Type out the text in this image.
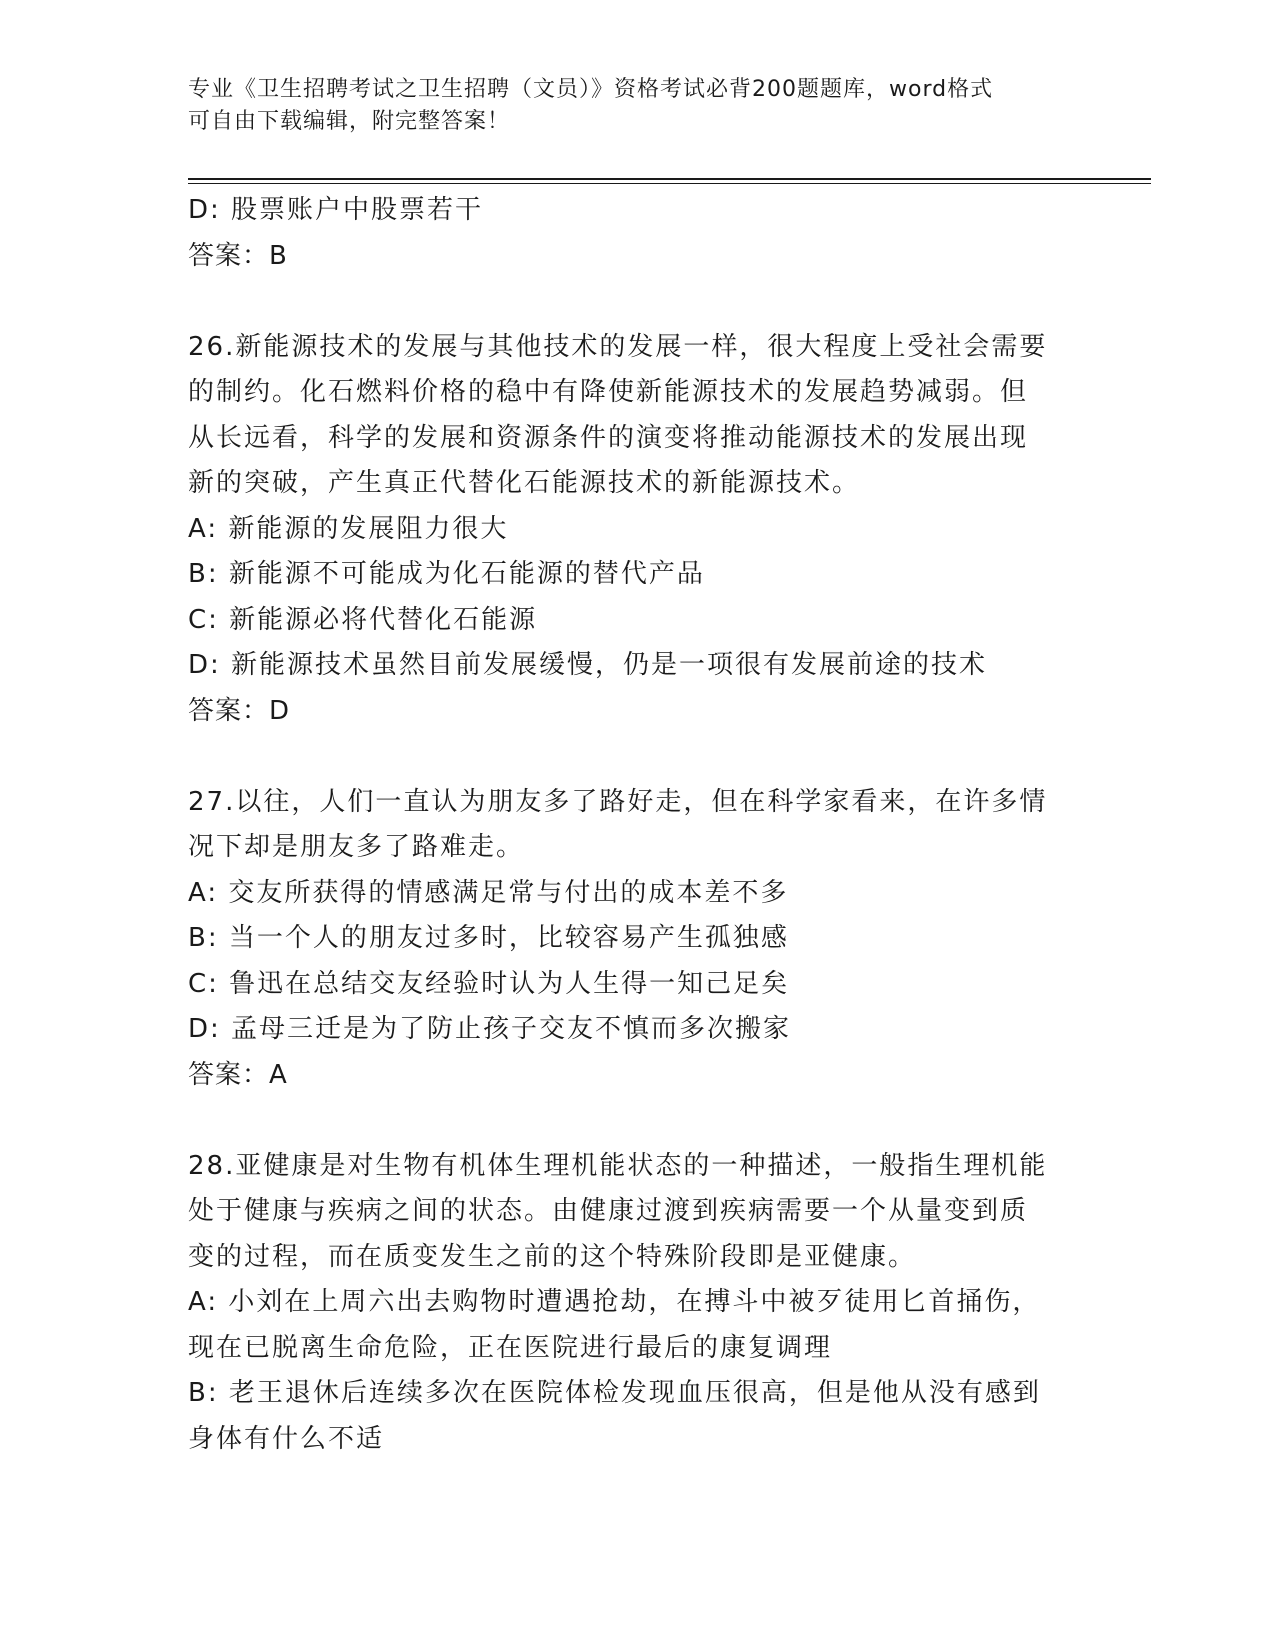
专业《卫生招聘考试之卫生招聘（文员）》资格考试必背200题题库，word格式
可自由下载编辑，附完整答案！
D: 股票账户中股票若干
答案：B
26.新能源技术的发展与其他技术的发展一样，很大程度上受社会需要
的制约。化石燃料价格的稳中有降使新能源技术的发展趋势减弱。但
从长远看，科学的发展和资源条件的演变将推动能源技术的发展出现
新的突破，产生真正代替化石能源技术的新能源技术。
A: 新能源的发展阻力很大
B: 新能源不可能成为化石能源的替代产品
C: 新能源必将代替化石能源
D: 新能源技术虽然目前发展缓慢，仍是一项很有发展前途的技术
答案：D
27.以往，人们一直认为朋友多了路好走，但在科学家看来，在许多情
况下却是朋友多了路难走。
A: 交友所获得的情感满足常与付出的成本差不多
B: 当一个人的朋友过多时，比较容易产生孤独感
C: 鲁迅在总结交友经验时认为人生得一知己足矣
D: 孟母三迁是为了防止孩子交友不慎而多次搬家
答案：A
28.亚健康是对生物有机体生理机能状态的一种描述，一般指生理机能
处于健康与疾病之间的状态。由健康过渡到疾病需要一个从量变到质
变的过程，而在质变发生之前的这个特殊阶段即是亚健康。
A: 小刘在上周六出去购物时遭遇抢劫，在搏斗中被歹徒用匕首捅伤，
现在已脱离生命危险，正在医院进行最后的康复调理
B: 老王退休后连续多次在医院体检发现血压很高，但是他从没有感到
身体有什么不适
